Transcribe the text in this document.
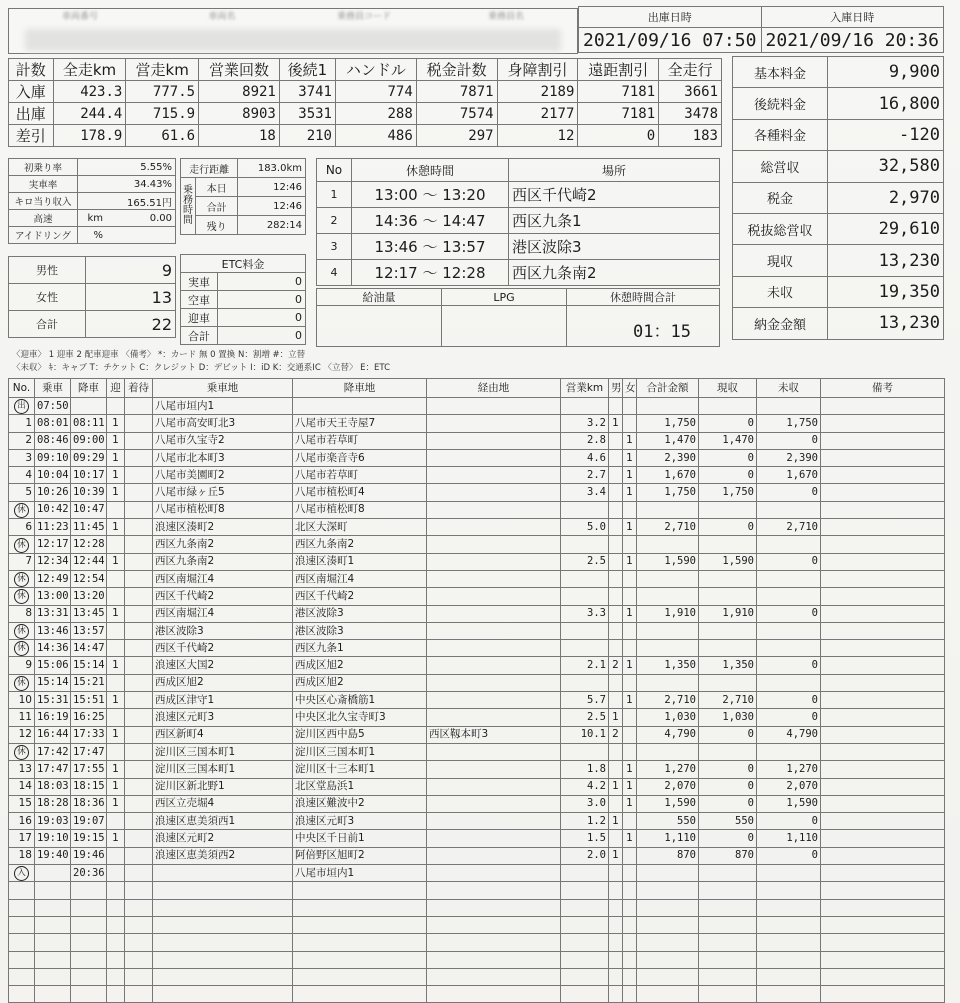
車両番号	車両名	乗務員コード	乗務員名	出庫日時	入庫日時
2021/09/16 07:50	2021/09/16 20:36
計数	全走km	営走km	営業回数	後続1	ハンドル	税金計数	身障割引	遠距割引	全走行
入庫	423.3	777.5	8921	3741	774	7871	2189	7181	3661
出庫	244.4	715.9	8903	3531	288	7574	2177	7181	3478
差引	178.9	61.6	18	210	486	297	12	0	183
基本料金	9,900
後続料金	16,800
各種料金	-120
総営収	32,580
税金	2,970
税抜総営収	29,610
現収	13,230
未収	19,350
納金金額	13,230
初乗り率		5.55%
実車率		34.43%
キロ当り収入		165.51円
高速	km	0.00
アイドリング	%	
走行距離		183.0km
乗務時間	本日	12:46
	合計	12:46
	残り	282:14
男性	9
女性	13
合計	22
ETC料金	
実車	0
空車	0
迎車	0
合計	0
No	休憩時間	場所
1	13:00 ～ 13:20	西区千代崎2
2	14:36 ～ 14:47	西区九条1
3	13:46 ～ 13:57	港区波除3
4	12:17 ～ 12:28	西区九条南2
給油量	LPG	休憩時間合計
		01：15
〈迎車〉 1 迎車 2 配車迎車 〈備考〉 *：カード 無 0 置換 N：割増 #：立替
〈未収〉 ｷ：キャブ T：チケット C：クレジット D：デビット I：iD K：交通系IC 〈立替〉 E：ETC
No.	乗車	降車	迎	着待	乗車地	降車地	経由地	営業km	男	女	合計金額	現収	未収	備考
出	07:50				八尾市垣内1									
1	08:01	08:11	1		八尾市高安町北3	八尾市天王寺屋7		3.2	1		1,750	0	1,750	
2	08:46	09:00	1		八尾市久宝寺2	八尾市若草町		2.8		1	1,470	1,470	0	
3	09:10	09:29	1		八尾市北本町3	八尾市楽音寺6		4.6		1	2,390	0	2,390	
4	10:04	10:17	1		八尾市美園町2	八尾市若草町		2.7		1	1,670	0	1,670	
5	10:26	10:39	1		八尾市緑ヶ丘5	八尾市植松町4		3.4		1	1,750	1,750	0	
休	10:42	10:47			八尾市植松町8	八尾市植松町8								
6	11:23	11:45	1		浪速区湊町2	北区大深町		5.0		1	2,710	0	2,710	
休	12:17	12:28			西区九条南2	西区九条南2								
7	12:34	12:44	1		西区九条南2	浪速区湊町1		2.5		1	1,590	1,590	0	
休	12:49	12:54			西区南堀江4	西区南堀江4								
休	13:00	13:20			西区千代崎2	西区千代崎2								
8	13:31	13:45	1		西区南堀江4	港区波除3		3.3		1	1,910	1,910	0	
休	13:46	13:57			港区波除3	港区波除3								
休	14:36	14:47			西区千代崎2	西区九条1								
9	15:06	15:14	1		浪速区大国2	西成区旭2		2.1	2	1	1,350	1,350	0	
休	15:14	15:21			西成区旭2	西成区旭2								
10	15:31	15:51	1		西成区津守1	中央区心斎橋筋1		5.7		1	2,710	2,710	0	
11	16:19	16:25			浪速区元町3	中央区北久宝寺町3		2.5	1		1,030	1,030	0	
12	16:44	17:33	1		西区新町4	淀川区西中島5	西区靱本町3	10.1	2		4,790	0	4,790	
休	17:42	17:47			淀川区三国本町1	淀川区三国本町1								
13	17:47	17:55	1		淀川区三国本町1	淀川区十三本町1		1.8		1	1,270	0	1,270	
14	18:03	18:15	1		淀川区新北野1	北区堂島浜1		4.2	1	1	2,070	0	2,070	
15	18:28	18:36	1		西区立売堀4	浪速区難波中2		3.0		1	1,590	0	1,590	
16	19:03	19:07			浪速区恵美須西1	浪速区元町3		1.2	1		550	550	0	
17	19:10	19:15	1		浪速区元町2	中央区千日前1		1.5		1	1,110	0	1,110	
18	19:40	19:46			浪速区恵美須西2	阿倍野区旭町2		2.0	1		870	870	0	
入		20:36				八尾市垣内1								
